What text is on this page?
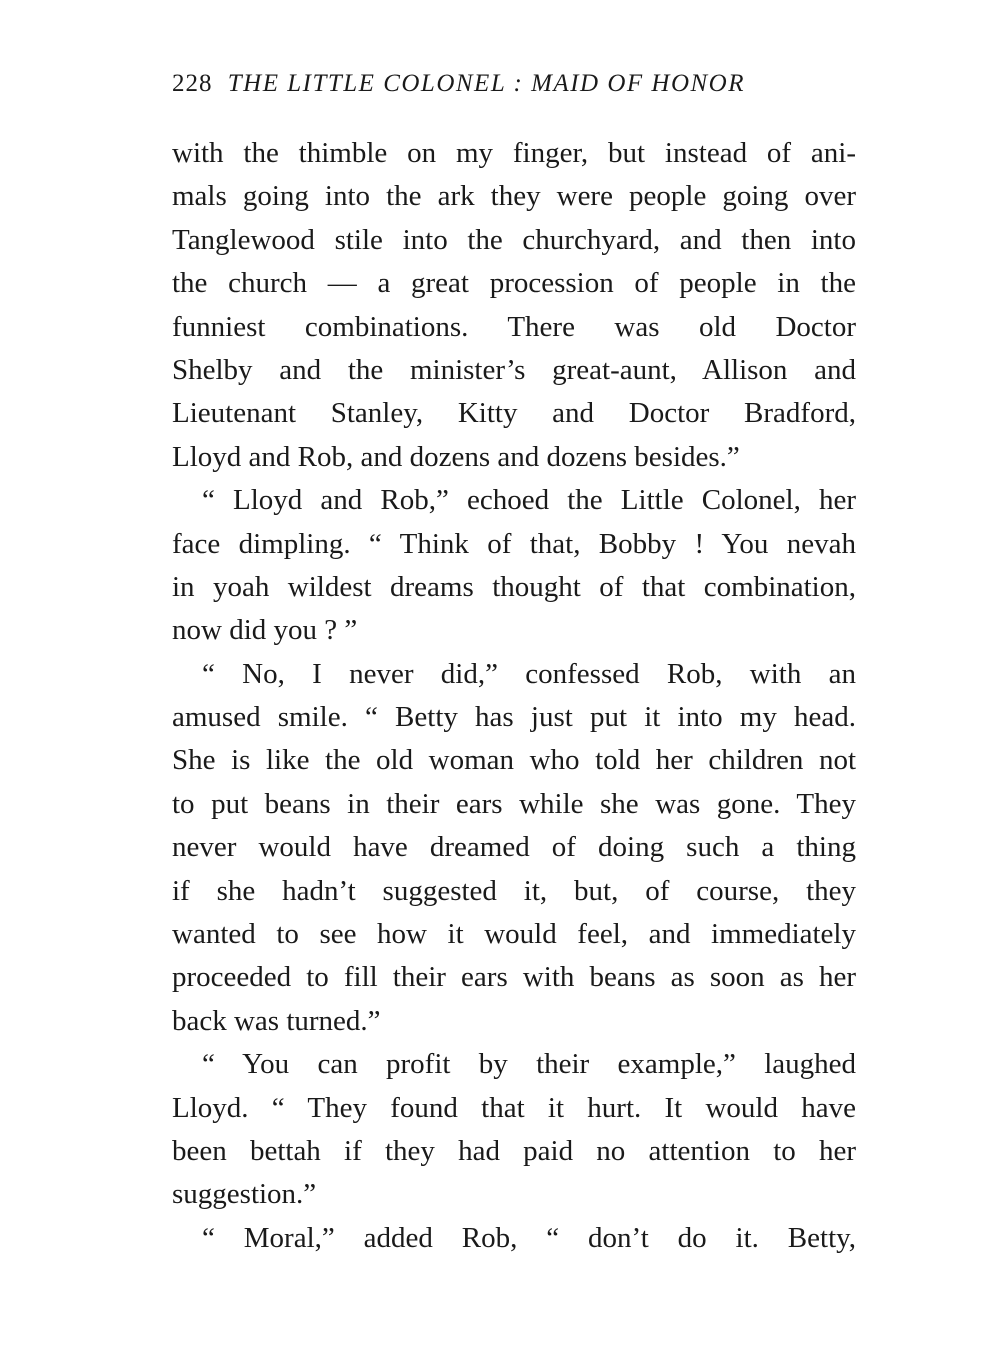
228 THE LITTLE COLONEL : MAID OF HONOR
with the thimble on my finger, but instead of ani-
mals going into the ark they were people going over
Tanglewood stile into the churchyard, and then into
the church — a great procession of people in the
funniest combinations. There was old Doctor
Shelby and the minister’s great-aunt, Allison and
Lieutenant Stanley, Kitty and Doctor Bradford,
Lloyd and Rob, and dozens and dozens besides.”
“ Lloyd and Rob,” echoed the Little Colonel, her
face dimpling. “ Think of that, Bobby ! You nevah
in yoah wildest dreams thought of that combination,
now did you ? ”
“ No, I never did,” confessed Rob, with an
amused smile. “ Betty has just put it into my head.
She is like the old woman who told her children not
to put beans in their ears while she was gone. They
never would have dreamed of doing such a thing
if she hadn’t suggested it, but, of course, they
wanted to see how it would feel, and immediately
proceeded to fill their ears with beans as soon as her
back was turned.”
“ You can profit by their example,” laughed
Lloyd. “ They found that it hurt. It would have
been bettah if they had paid no attention to her
suggestion.”
“ Moral,” added Rob, “ don’t do it. Betty,
